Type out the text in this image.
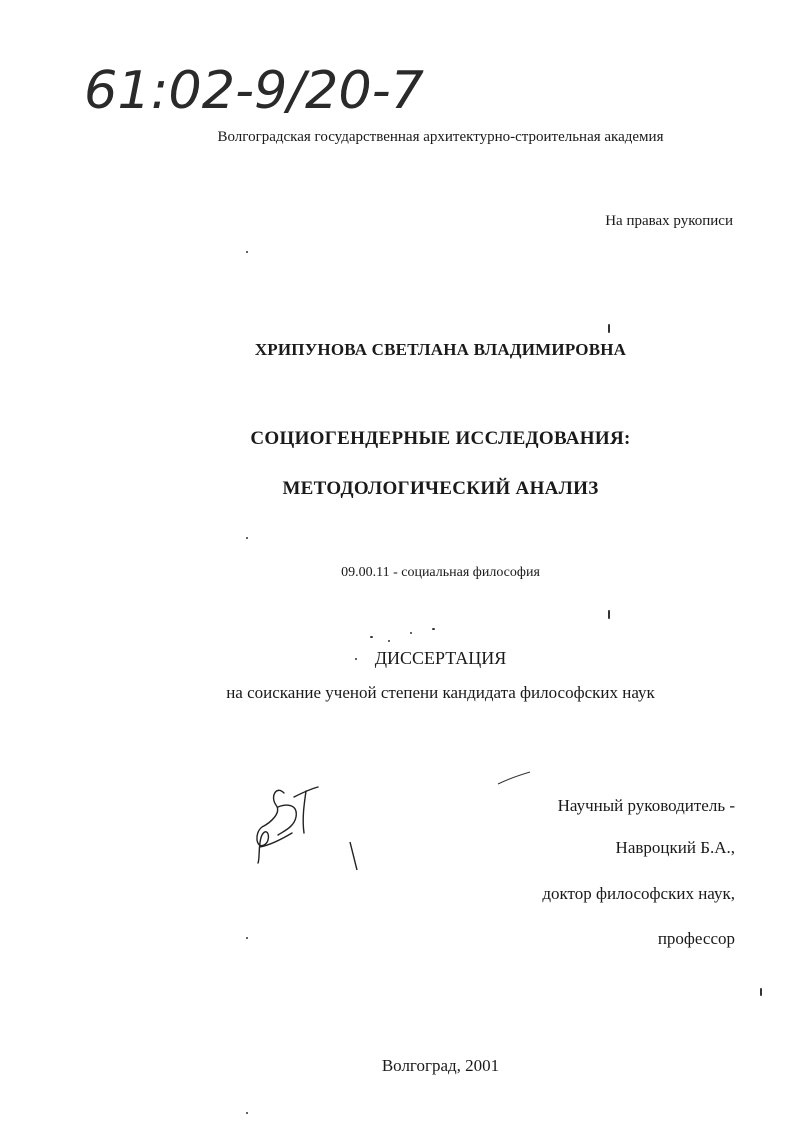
61:02-9/20-7
Волгоградская государственная архитектурно-строительная академия
На правах рукописи
ХРИПУНОВА СВЕТЛАНА ВЛАДИМИРОВНА
СОЦИОГЕНДЕРНЫЕ ИССЛЕДОВАНИЯ:
МЕТОДОЛОГИЧЕСКИЙ АНАЛИЗ
09.00.11 - социальная философия
ДИССЕРТАЦИЯ
на соискание ученой степени кандидата философских наук
Научный руководитель -
Навроцкий Б.А.,
доктор философских наук,
профессор
Волгоград, 2001
